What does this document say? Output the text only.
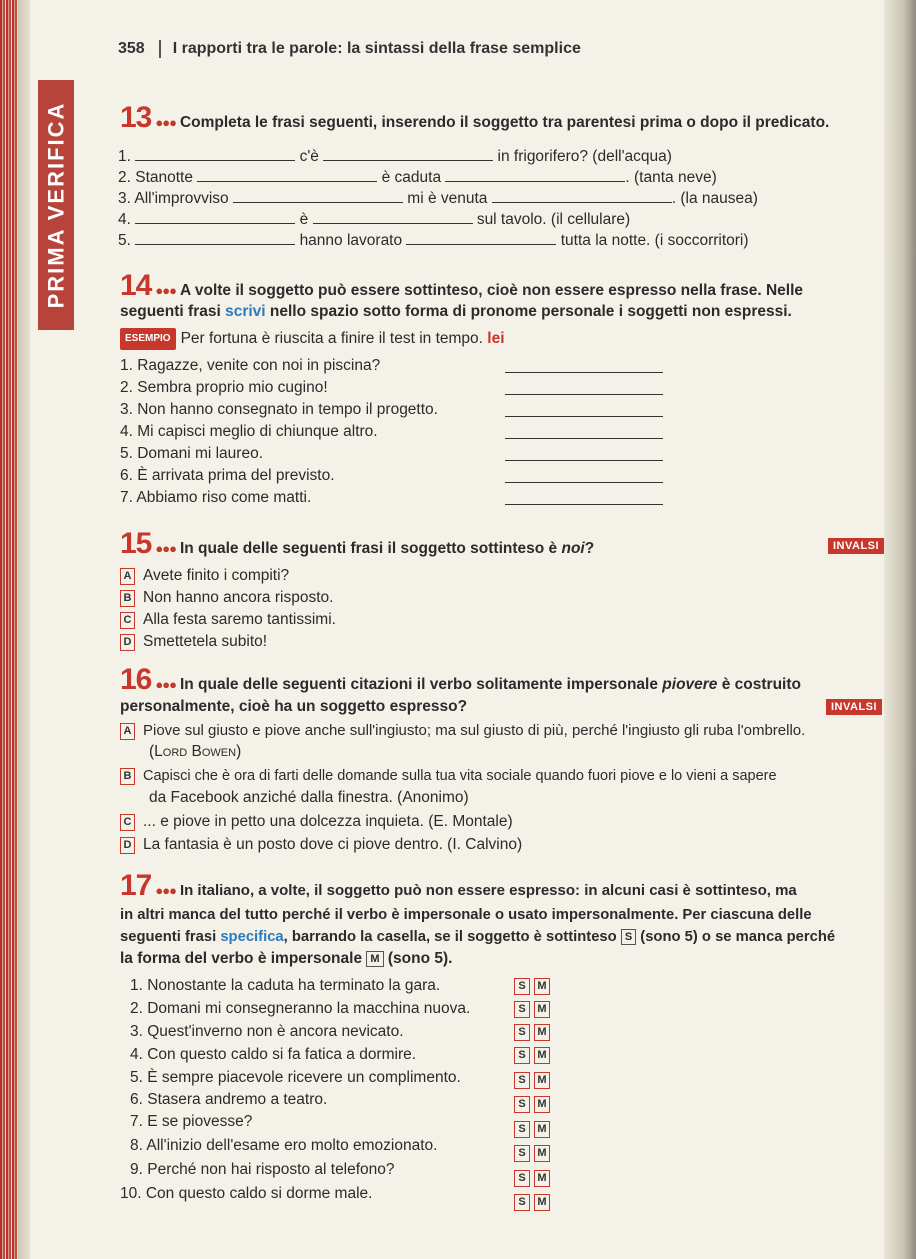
PRIMA VERIFICA
358 I rapporti tra le parole: la sintassi della frase semplice
13 ●●● Completa le frasi seguenti, inserendo il soggetto tra parentesi prima o dopo il predicato.
1.	c'è	in frigorifero? (dell'acqua)
2. Stanotte	è caduta	. (tanta neve)
3. All'improvviso	mi è venuta	. (la nausea)
4.	è	sul tavolo. (il cellulare)
5.	hanno lavorato	tutta la notte. (i soccorritori)
14 ●●● A volte il soggetto può essere sottinteso, cioè non essere espresso nella frase. Nelle
seguenti frasi scrivi nello spazio sotto forma di pronome personale i soggetti non espressi.
ESEMPIO Per fortuna è riuscita a finire il test in tempo. lei
1. Ragazze, venite con noi in piscina?
2. Sembra proprio mio cugino!
3. Non hanno consegnato in tempo il progetto.
4. Mi capisci meglio di chiunque altro.
5. Domani mi laureo.
6. È arrivata prima del previsto.
7. Abbiamo riso come matti.
15 ●●● In quale delle seguenti frasi il soggetto sottinteso è noi?	INVALSI
A Avete finito i compiti?
B Non hanno ancora risposto.
C Alla festa saremo tantissimi.
D Smettetela subito!
16 ●●● In quale delle seguenti citazioni il verbo solitamente impersonale piovere è costruito
personalmente, cioè ha un soggetto espresso?	INVALSI
A Piove sul giusto e piove anche sull'ingiusto; ma sul giusto di più, perché l'ingiusto gli ruba l'ombrello.
(Lord Bowen)
B Capisci che è ora di farti delle domande sulla tua vita sociale quando fuori piove e lo vieni a sapere
da Facebook anziché dalla finestra. (Anonimo)
C ... e piove in petto una dolcezza inquieta. (E. Montale)
D La fantasia è un posto dove ci piove dentro. (I. Calvino)
17 ●●● In italiano, a volte, il soggetto può non essere espresso: in alcuni casi è sottinteso, ma
in altri manca del tutto perché il verbo è impersonale o usato impersonalmente. Per ciascuna delle
seguenti frasi specifica, barrando la casella, se il soggetto è sottinteso S (sono 5) o se manca perché
la forma del verbo è impersonale M (sono 5).
1. Nonostante la caduta ha terminato la gara.	S	M
2. Domani mi consegneranno la macchina nuova.	S	M
3. Quest'inverno non è ancora nevicato.	S	M
4. Con questo caldo si fa fatica a dormire.	S	M
5. È sempre piacevole ricevere un complimento.	S	M
6. Stasera andremo a teatro.	S	M
7. E se piovesse?	S	M
8. All'inizio dell'esame ero molto emozionato.	S	M
9. Perché non hai risposto al telefono?	S	M
10. Con questo caldo si dorme male.	S	M
